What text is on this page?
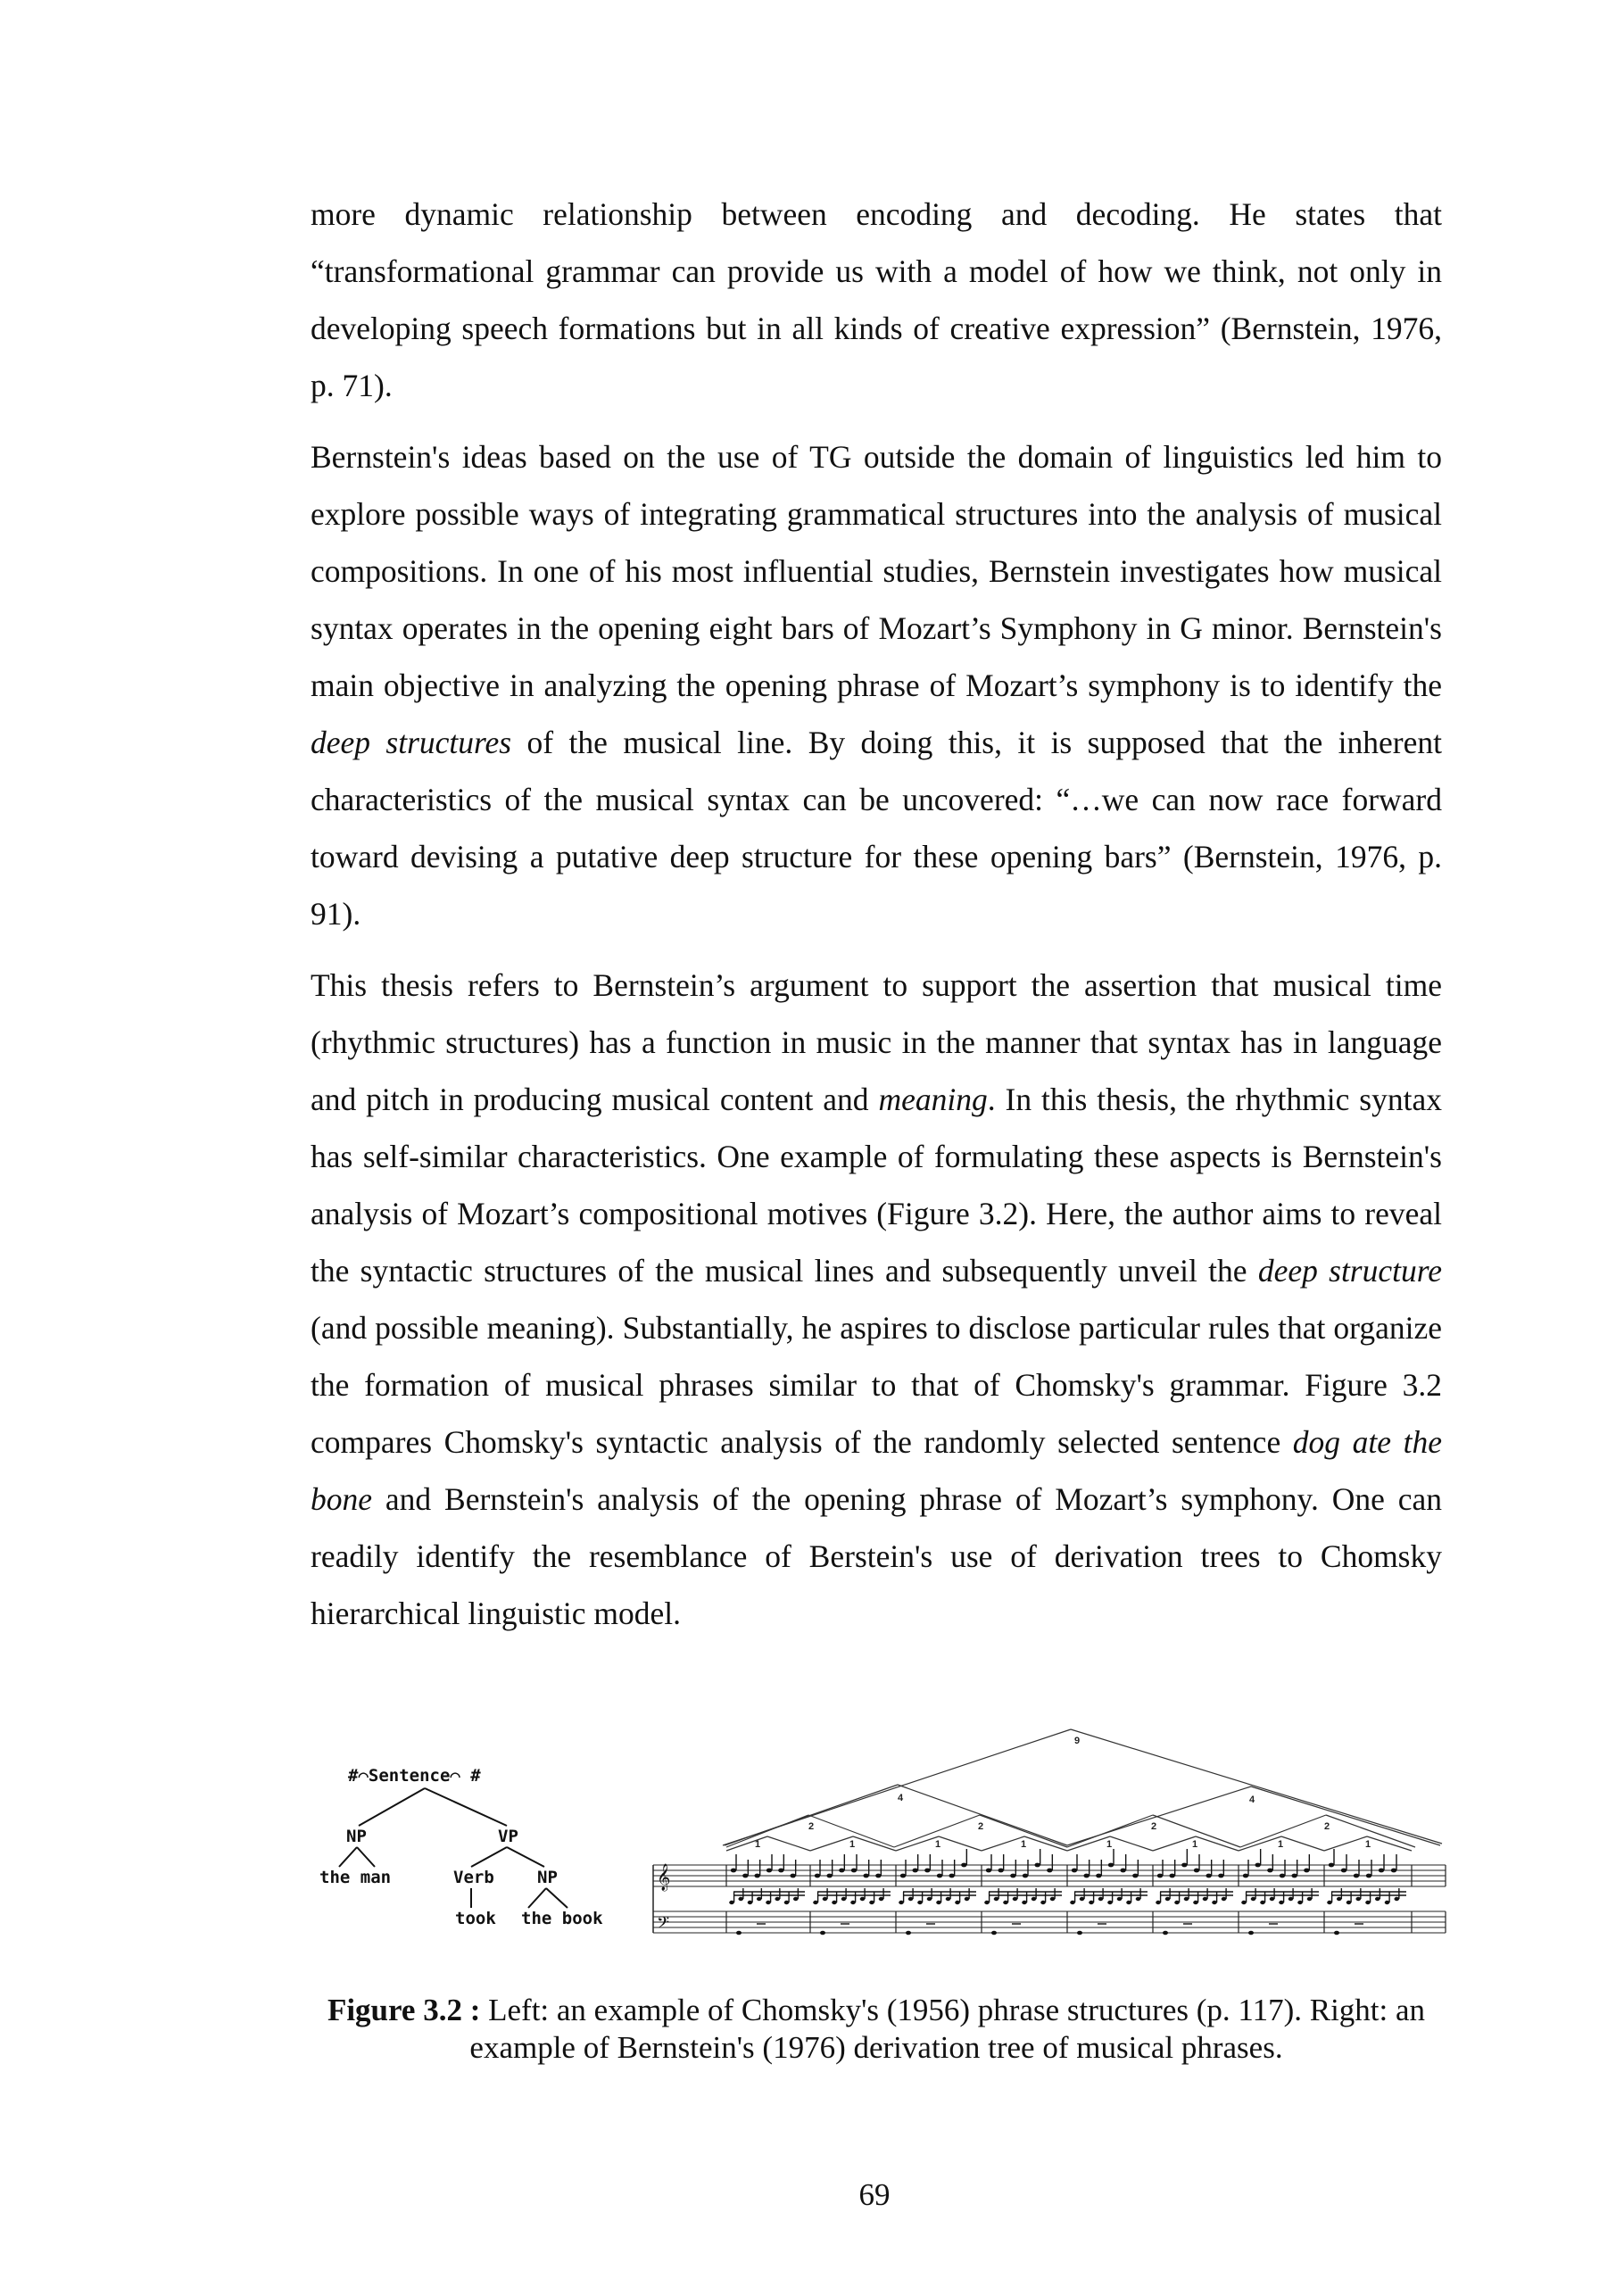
more dynamic relationship between encoding and decoding. He states that “transformational grammar can provide us with a model of how we think, not only in developing speech formations but in all kinds of creative expression” (Bernstein, 1976, p. 71).
Bernstein's ideas based on the use of TG outside the domain of linguistics led him to explore possible ways of integrating grammatical structures into the analysis of musical compositions. In one of his most influential studies, Bernstein investigates how musical syntax operates in the opening eight bars of Mozart’s Symphony in G minor. Bernstein's main objective in analyzing the opening phrase of Mozart’s symphony is to identify the deep structures of the musical line. By doing this, it is supposed that the inherent characteristics of the musical syntax can be uncovered: “…we can now race forward toward devising a putative deep structure for these opening bars” (Bernstein, 1976, p. 91).
This thesis refers to Bernstein’s argument to support the assertion that musical time (rhythmic structures) has a function in music in the manner that syntax has in language and pitch in producing musical content and meaning. In this thesis, the rhythmic syntax has self-similar characteristics. One example of formulating these aspects is Bernstein's analysis of Mozart’s compositional motives (Figure 3.2). Here, the author aims to reveal the syntactic structures of the musical lines and subsequently unveil the deep structure (and possible meaning). Substantially, he aspires to disclose particular rules that organize the formation of musical phrases similar to that of Chomsky's grammar. Figure 3.2 compares Chomsky's syntactic analysis of the randomly selected sentence dog ate the bone and Bernstein's analysis of the opening phrase of Mozart’s symphony. One can readily identify the resemblance of Berstein's use of derivation trees to Chomsky hierarchical linguistic model.
#⌒Sentence⌒ #
NP	VP
the man	Verb	NP
took the book
9
4	4
2	2	2	2
1	1	1	1	1	1	1	1
𝄞
𝄢
Figure 3.2 : Left: an example of Chomsky's (1956) phrase structures (p. 117). Right: an example of Bernstein's (1976) derivation tree of musical phrases.
69
